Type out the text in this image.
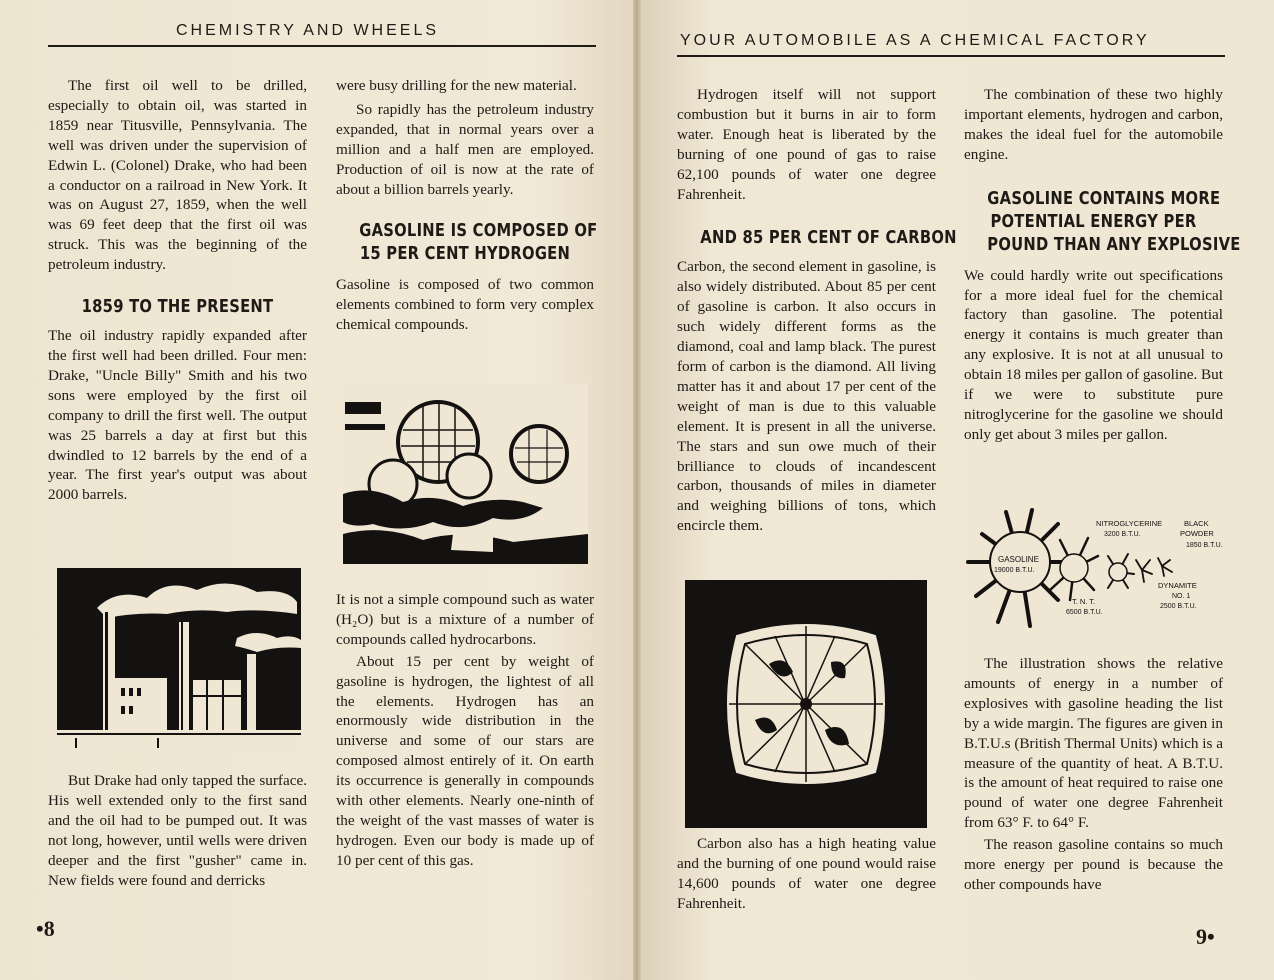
CHEMISTRY AND WHEELS

The first oil well to be drilled, especially to obtain oil, was started in 1859 near Titusville, Pennsylvania. The well was driven under the supervision of Edwin L. (Colonel) Drake, who had been a conductor on a railroad in New York. It was on August 27, 1859, when the well was 69 feet deep that the first oil was struck. This was the beginning of the petroleum industry.

1859 TO THE PRESENT

The oil industry rapidly expanded after the first well had been drilled. Four men: Drake, "Uncle Billy" Smith and his two sons were employed by the first oil company to drill the first well. The output was 25 barrels a day at first but this dwindled to 12 barrels by the end of a year. The first year's output was about 2000 barrels.

But Drake had only tapped the surface. His well extended only to the first sand and the oil had to be pumped out. It was not long, however, until wells were driven deeper and the first "gusher" came in. New fields were found and derricks

were busy drilling for the new material.

So rapidly has the petroleum industry expanded, that in normal years over a million and a half men are employed. Production of oil is now at the rate of about a billion barrels yearly.

GASOLINE IS COMPOSED OF
15 PER CENT HYDROGEN

Gasoline is composed of two common elements combined to form very complex chemical compounds.

It is not a simple compound such as water (H₂O) but is a mixture of a number of compounds called hydrocarbons.

About 15 per cent by weight of gasoline is hydrogen, the lightest of all the elements. Hydrogen has an enormously wide distribution in the universe and some of our stars are composed almost entirely of it. On earth its occurrence is generally in compounds with other elements. Nearly one-ninth of the weight of the vast masses of water is hydrogen. Even our body is made up of 10 per cent of this gas.

•8
YOUR AUTOMOBILE AS A CHEMICAL FACTORY

Hydrogen itself will not support combustion but it burns in air to form water. Enough heat is liberated by the burning of one pound of gas to raise 62,100 pounds of water one degree Fahrenheit.

AND 85 PER CENT OF CARBON

Carbon, the second element in gasoline, is also widely distributed. About 85 per cent of gasoline is carbon. It also occurs in such widely different forms as the diamond, coal and lamp black. The purest form of carbon is the diamond. All living matter has it and about 17 per cent of the weight of man is due to this valuable element. It is present in all the universe. The stars and sun owe much of their brilliance to clouds of incandescent carbon, thousands of miles in diameter and weighing billions of tons, which encircle them.

Carbon also has a high heating value and the burning of one pound would raise 14,600 pounds of water one degree Fahrenheit.

The combination of these two highly important elements, hydrogen and carbon, makes the ideal fuel for the automobile engine.

GASOLINE CONTAINS MORE
POTENTIAL ENERGY PER
POUND THAN ANY EXPLOSIVE

We could hardly write out specifications for a more ideal fuel for the chemical factory than gasoline. The potential energy it contains is much greater than any explosive. It is not at all unusual to obtain 18 miles per gallon of gasoline. But if we were to substitute pure nitroglycerine for the gasoline we should only get about 3 miles per gallon.

GASOLINE
19000 B.T.U.
NITROGLYCERINE
3200 B.T.U.
BLACK
POWDER
1850 B.T.U.
DYNAMITE
NO. 1
2500 B.T.U.
T. N. T.
6500 B.T.U.

The illustration shows the relative amounts of energy in a number of explosives with gasoline heading the list by a wide margin. The figures are given in B.T.U.s (British Thermal Units) which is a measure of the quantity of heat. A B.T.U. is the amount of heat required to raise one pound of water one degree Fahrenheit from 63° F. to 64° F.

The reason gasoline contains so much more energy per pound is because the other compounds have

9•
